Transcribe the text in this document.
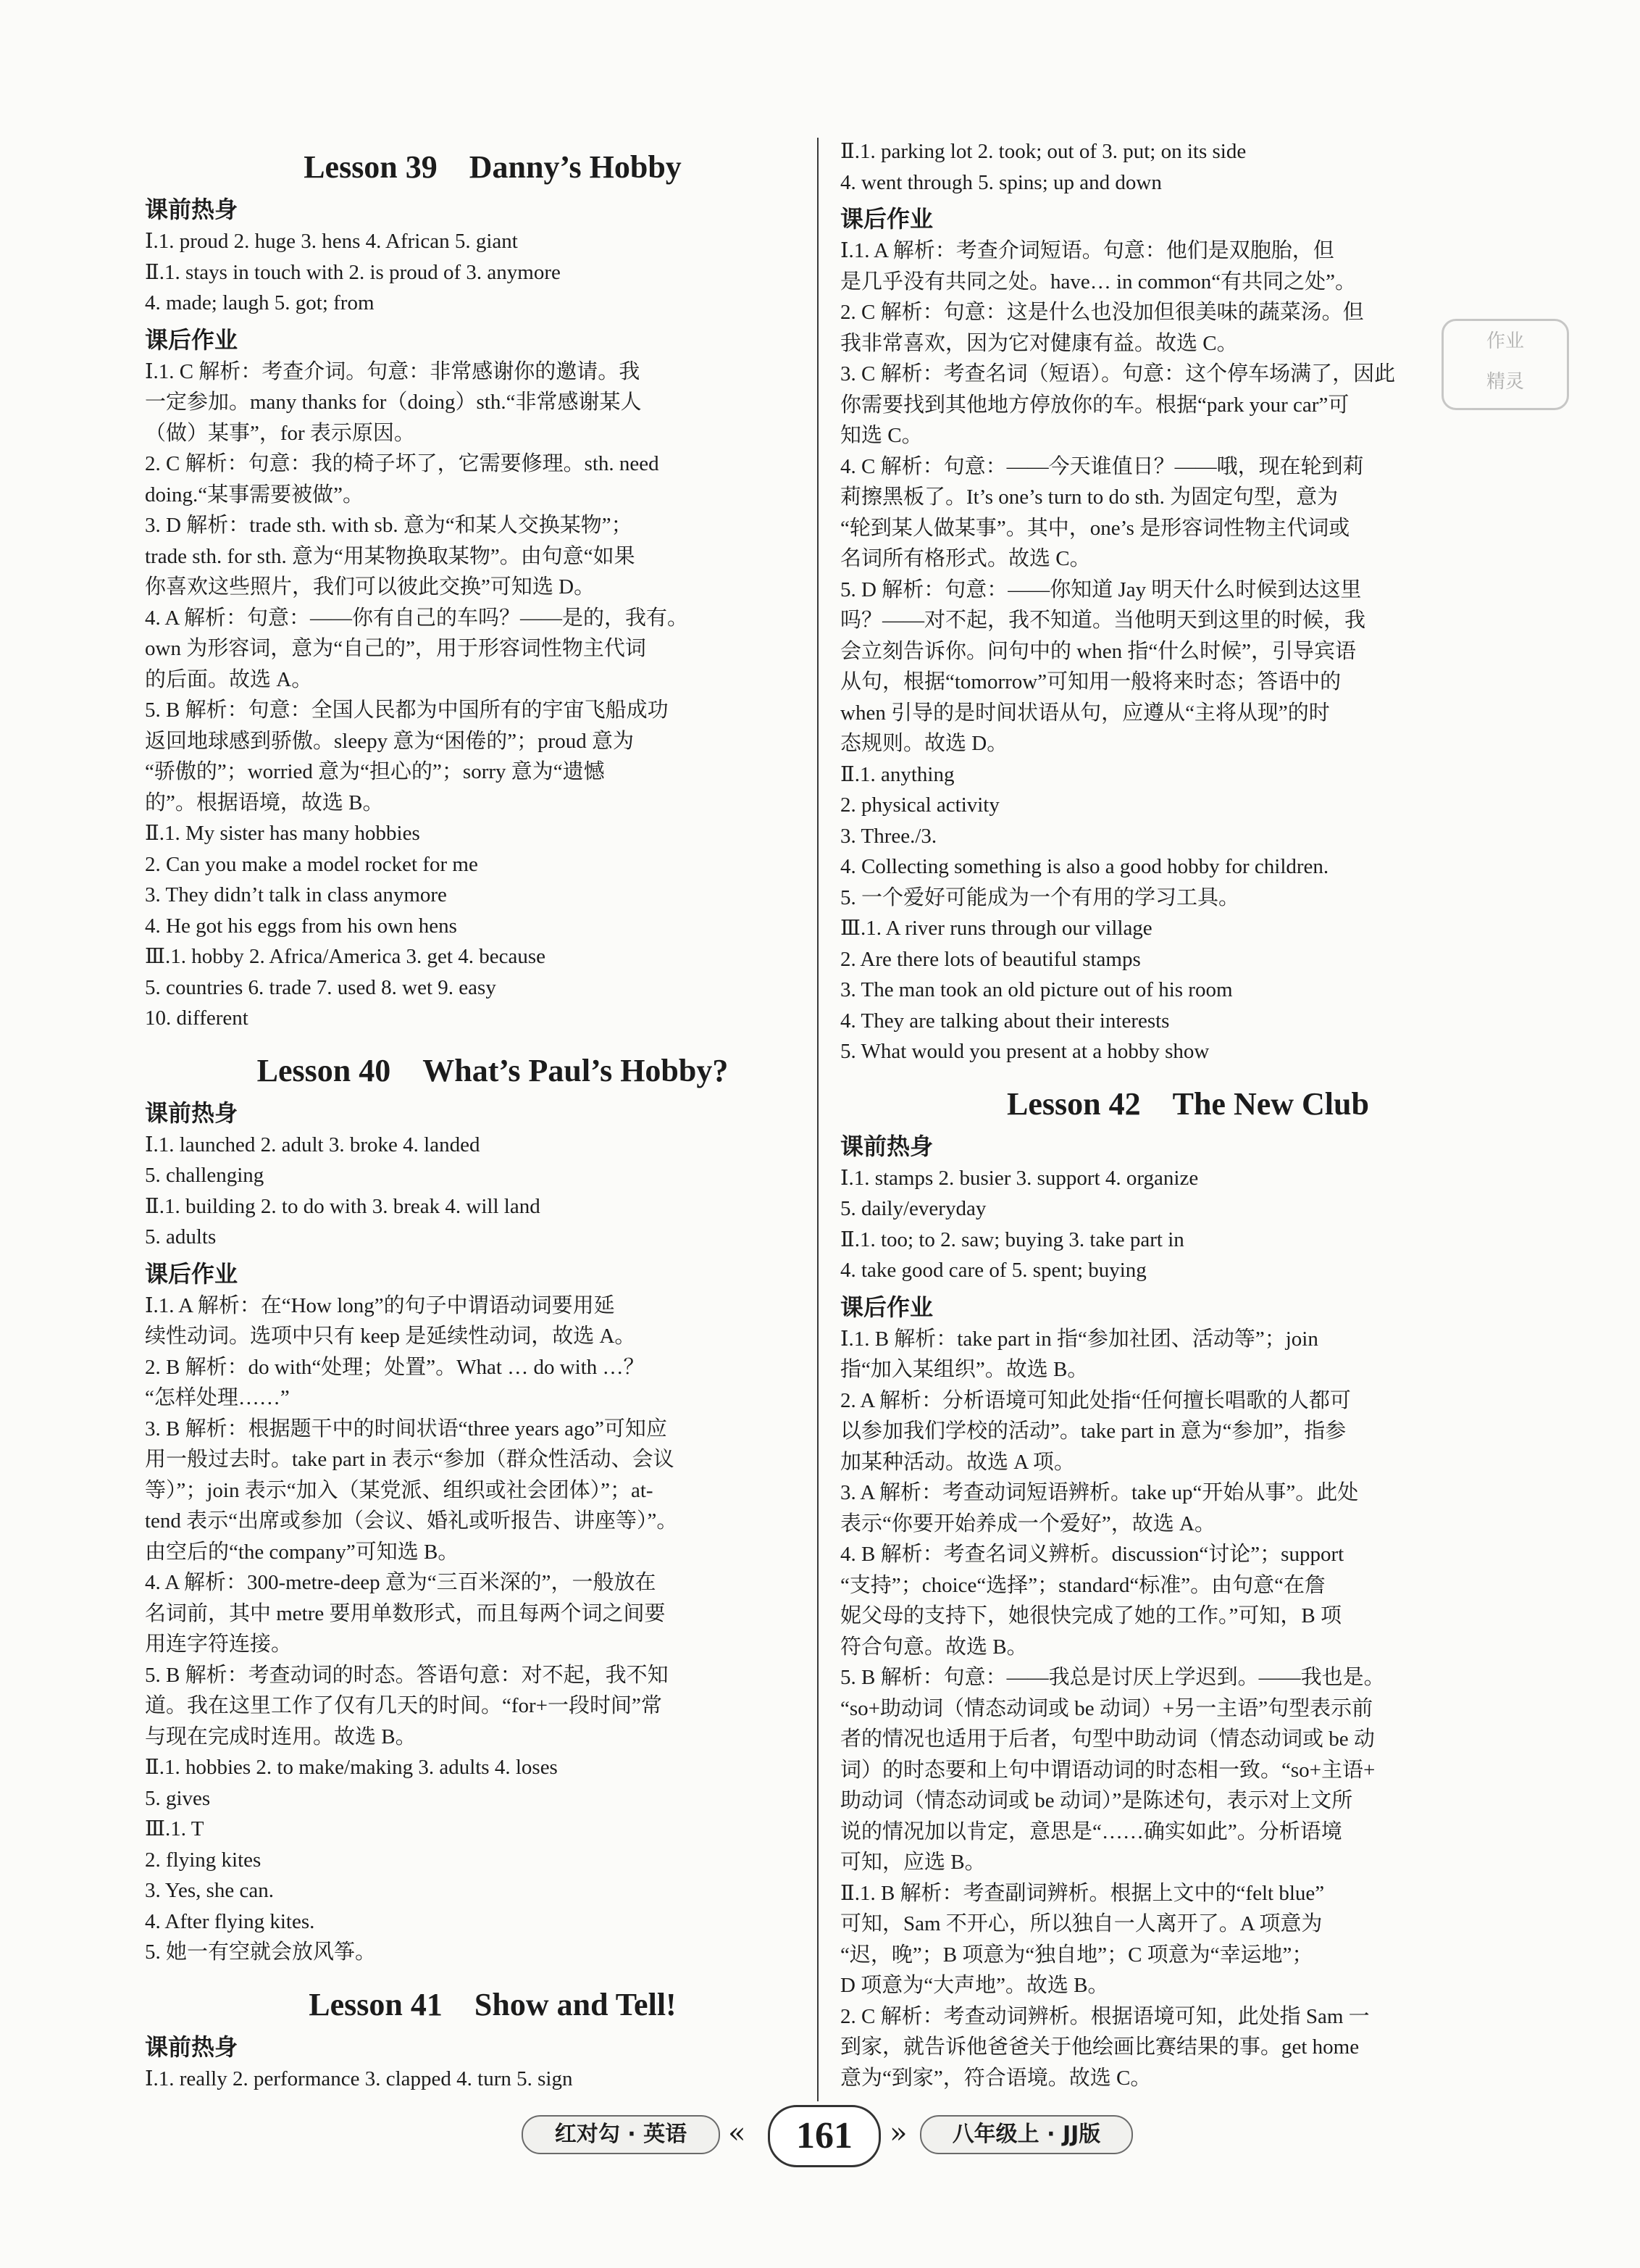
Lesson 39　Danny’s Hobby
课前热身
Ⅰ.1. proud 2. huge 3. hens 4. African 5. giant
Ⅱ.1. stays in touch with 2. is proud of 3. anymore
4. made; laugh 5. got; from
课后作业
Ⅰ.1. C 解析：考查介词。句意：非常感谢你的邀请。我
一定参加。many thanks for（doing）sth.“非常感谢某人
（做）某事”，for 表示原因。
2. C 解析：句意：我的椅子坏了，它需要修理。sth. need
doing.“某事需要被做”。
3. D 解析：trade sth. with sb. 意为“和某人交换某物”；
trade sth. for sth. 意为“用某物换取某物”。由句意“如果
你喜欢这些照片，我们可以彼此交换”可知选 D。
4. A 解析：句意：——你有自己的车吗？——是的，我有。
own 为形容词，意为“自己的”，用于形容词性物主代词
的后面。故选 A。
5. B 解析：句意：全国人民都为中国所有的宇宙飞船成功
返回地球感到骄傲。sleepy 意为“困倦的”；proud 意为
“骄傲的”；worried 意为“担心的”；sorry 意为“遗憾
的”。根据语境，故选 B。
Ⅱ.1. My sister has many hobbies
2. Can you make a model rocket for me
3. They didn’t talk in class anymore
4. He got his eggs from his own hens
Ⅲ.1. hobby 2. Africa/America 3. get 4. because
5. countries 6. trade 7. used 8. wet 9. easy
10. different
Lesson 40　What’s Paul’s Hobby?
课前热身
Ⅰ.1. launched 2. adult 3. broke 4. landed
5. challenging
Ⅱ.1. building 2. to do with 3. break 4. will land
5. adults
课后作业
Ⅰ.1. A 解析：在“How long”的句子中谓语动词要用延
续性动词。选项中只有 keep 是延续性动词，故选 A。
2. B 解析：do with“处理；处置”。What … do with …？
“怎样处理……”
3. B 解析：根据题干中的时间状语“three years ago”可知应
用一般过去时。take part in 表示“参加（群众性活动、会议
等）”；join 表示“加入（某党派、组织或社会团体）”；at-
tend 表示“出席或参加（会议、婚礼或听报告、讲座等）”。
由空后的“the company”可知选 B。
4. A 解析：300-metre-deep 意为“三百米深的”，一般放在
名词前，其中 metre 要用单数形式，而且每两个词之间要
用连字符连接。
5. B 解析：考查动词的时态。答语句意：对不起，我不知
道。我在这里工作了仅有几天的时间。“for+一段时间”常
与现在完成时连用。故选 B。
Ⅱ.1. hobbies 2. to make/making 3. adults 4. loses
5. gives
Ⅲ.1. T
2. flying kites
3. Yes, she can.
4. After flying kites.
5. 她一有空就会放风筝。
Lesson 41　Show and Tell!
课前热身
Ⅰ.1. really 2. performance 3. clapped 4. turn 5. sign
Ⅱ.1. parking lot 2. took; out of 3. put; on its side
4. went through 5. spins; up and down
课后作业
Ⅰ.1. A 解析：考查介词短语。句意：他们是双胞胎，但
是几乎没有共同之处。have… in common“有共同之处”。
2. C 解析：句意：这是什么也没加但很美味的蔬菜汤。但
我非常喜欢，因为它对健康有益。故选 C。
3. C 解析：考查名词（短语）。句意：这个停车场满了，因此
你需要找到其他地方停放你的车。根据“park your car”可
知选 C。
4. C 解析：句意：——今天谁值日？——哦，现在轮到莉
莉擦黑板了。It’s one’s turn to do sth. 为固定句型，意为
“轮到某人做某事”。其中，one’s 是形容词性物主代词或
名词所有格形式。故选 C。
5. D 解析：句意：——你知道 Jay 明天什么时候到达这里
吗？——对不起，我不知道。当他明天到这里的时候，我
会立刻告诉你。问句中的 when 指“什么时候”，引导宾语
从句，根据“tomorrow”可知用一般将来时态；答语中的
when 引导的是时间状语从句，应遵从“主将从现”的时
态规则。故选 D。
Ⅱ.1. anything
2. physical activity
3. Three./3.
4. Collecting something is also a good hobby for children.
5. 一个爱好可能成为一个有用的学习工具。
Ⅲ.1. A river runs through our village
2. Are there lots of beautiful stamps
3. The man took an old picture out of his room
4. They are talking about their interests
5. What would you present at a hobby show
Lesson 42　The New Club
课前热身
Ⅰ.1. stamps 2. busier 3. support 4. organize
5. daily/everyday
Ⅱ.1. too; to 2. saw; buying 3. take part in
4. take good care of 5. spent; buying
课后作业
Ⅰ.1. B 解析：take part in 指“参加社团、活动等”；join
指“加入某组织”。故选 B。
2. A 解析：分析语境可知此处指“任何擅长唱歌的人都可
以参加我们学校的活动”。take part in 意为“参加”，指参
加某种活动。故选 A 项。
3. A 解析：考查动词短语辨析。take up“开始从事”。此处
表示“你要开始养成一个爱好”，故选 A。
4. B 解析：考查名词义辨析。discussion“讨论”；support
“支持”；choice“选择”；standard“标准”。由句意“在詹
妮父母的支持下，她很快完成了她的工作。”可知，B 项
符合句意。故选 B。
5. B 解析：句意：——我总是讨厌上学迟到。——我也是。
“so+助动词（情态动词或 be 动词）+另一主语”句型表示前
者的情况也适用于后者，句型中助动词（情态动词或 be 动
词）的时态要和上句中谓语动词的时态相一致。“so+主语+
助动词（情态动词或 be 动词）”是陈述句，表示对上文所
说的情况加以肯定，意思是“……确实如此”。分析语境
可知，应选 B。
Ⅱ.1. B 解析：考查副词辨析。根据上文中的“felt blue”
可知，Sam 不开心，所以独自一人离开了。A 项意为
“迟，晚”；B 项意为“独自地”；C 项意为“幸运地”；
D 项意为“大声地”。故选 B。
2. C 解析：考查动词辨析。根据语境可知，此处指 Sam 一
到家，就告诉他爸爸关于他绘画比赛结果的事。get home
意为“到家”，符合语境。故选 C。
作业
精灵
红对勾 · 英语	«	161	»	八年级上 · JJ版
